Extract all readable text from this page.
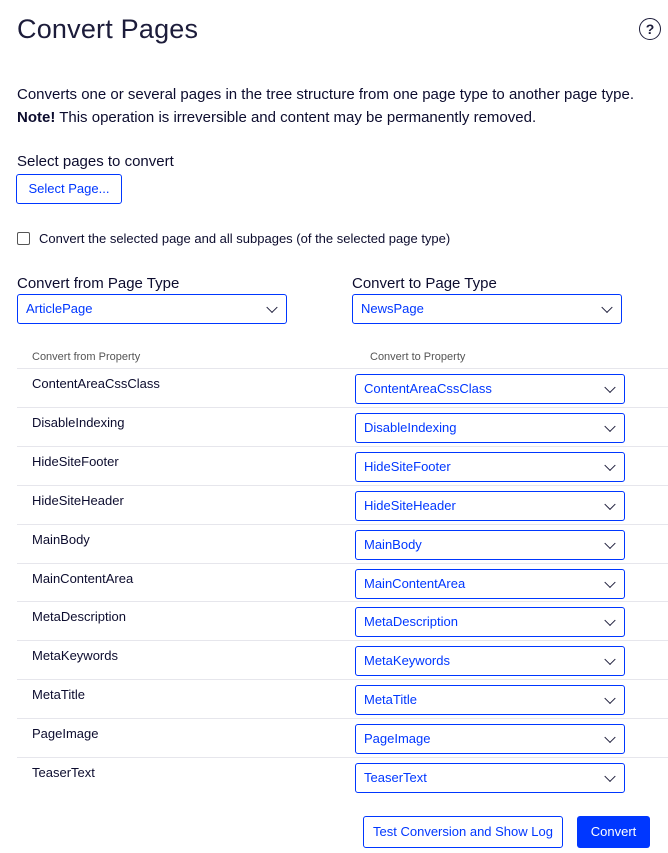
Convert Pages	?
Converts one or several pages in the tree structure from one page type to another page type.
Note! This operation is irreversible and content may be permanently removed.
Select pages to convert
Select Page...
Convert the selected page and all subpages (of the selected page type)
Convert from Page Type
ArticlePage
Convert to Page Type
NewsPage
Convert from Property	Convert to Property
ContentAreaCssClass	ContentAreaCssClass
DisableIndexing	DisableIndexing
HideSiteFooter	HideSiteFooter
HideSiteHeader	HideSiteHeader
MainBody	MainBody
MainContentArea	MainContentArea
MetaDescription	MetaDescription
MetaKeywords	MetaKeywords
MetaTitle	MetaTitle
PageImage	PageImage
TeaserText	TeaserText
Test Conversion and Show Log	Convert
